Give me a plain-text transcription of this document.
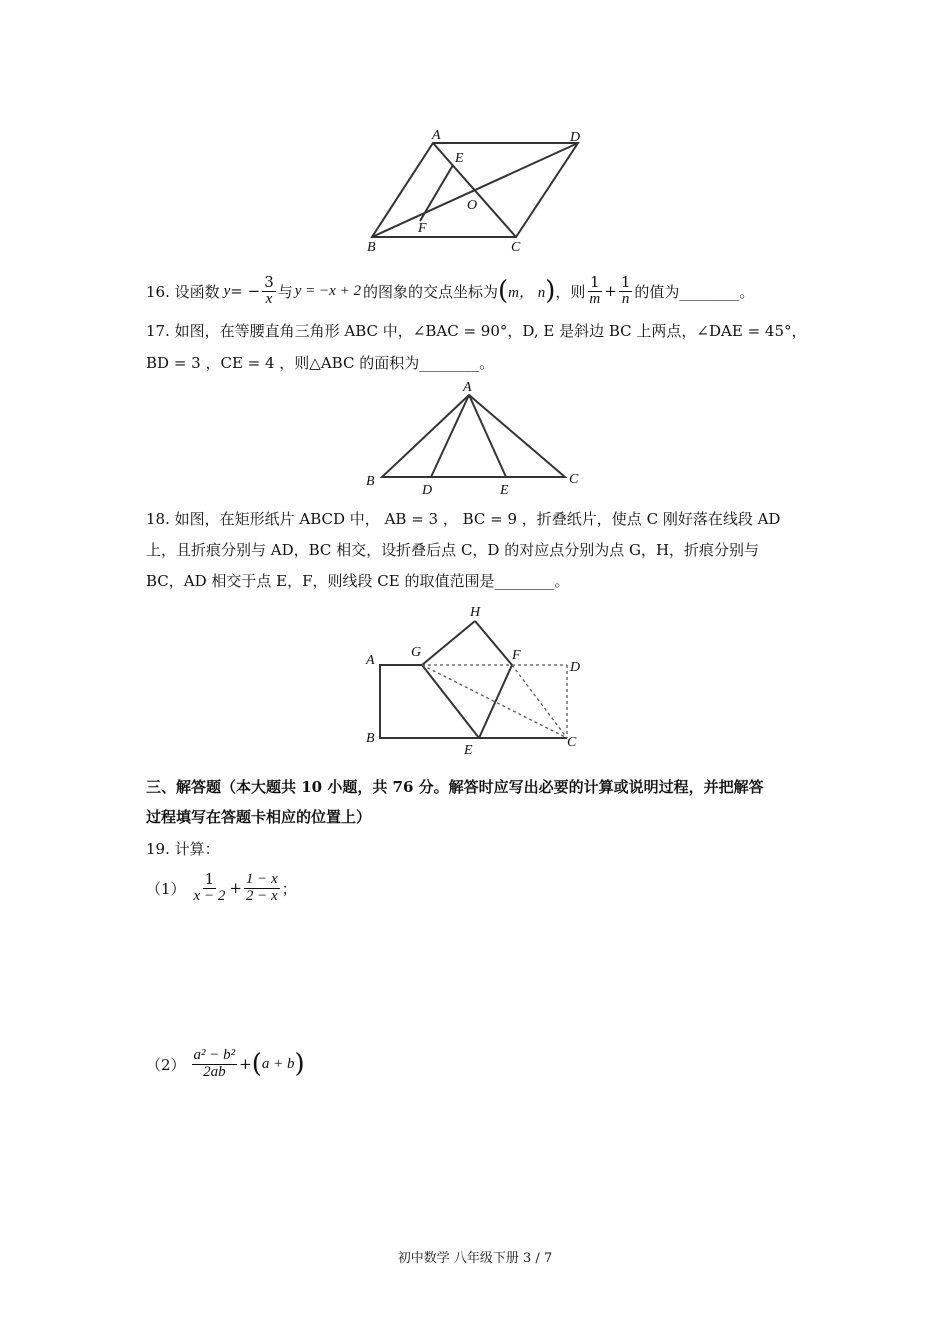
A	D
E
O
F
B	C
16. 设函数 y = − $\frac{3}{x}$ 与 y = −x + 2 的图象的交点坐标为 ( m， n ) ，则 $\frac{1}{m} + \frac{1}{n}$ 的值为________。
17. 如图，在等腰直角三角形 ABC 中，∠BAC = 90°，D, E 是斜边 BC 上两点，∠DAE = 45°，
BD = 3 ，CE = 4 ，则△ABC 的面积为________。
A
B	C
D	E
18. 如图，在矩形纸片 ABCD 中， AB = 3 ， BC = 9 ，折叠纸片，使点 C 刚好落在线段 AD
上，且折痕分别与 AD，BC 相交，设折叠后点 C，D 的对应点分别为点 G，H，折痕分别与
BC，AD 相交于点 E，F，则线段 CE 的取值范围是________。
A
B
G
H
F
D
E
C
三、解答题（本大题共 10 小题，共 76 分。解答时应写出必要的计算或说明过程，并把解答
过程填写在答题卡相应的位置上）
19. 计算：
$(1) \frac{1}{x - 2} + \frac{1 - x}{2 - x}$ ；
$(2) \frac{\text{a² − b²}}{2ab}$ + ( a + b )
初中数学 八年级下册 3 / 7
